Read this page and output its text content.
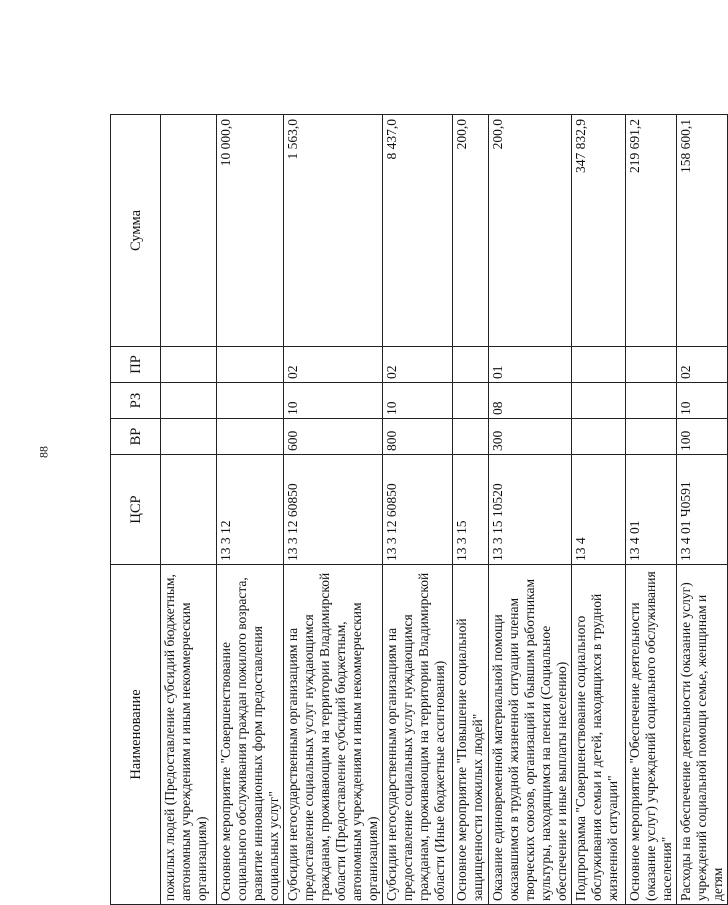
88
Наименование	ЦСР	ВР	РЗ	ПР	Сумма
пожилых людей (Предоставление субсидий бюджетным, автономным учреждениям и иным некоммерческим организациям)					
Основное мероприятие "Совершенствование социального обслуживания граждан пожилого возраста, развитие инновационных форм предоставления социальных услуг"	13 3 12				10 000,0
Субсидии негосударственным организациям на предоставление социальных услуг нуждающимся гражданам, проживающим на территории Владимирской области (Предоставление субсидий бюджетным, автономным учреждениям и иным некоммерческим организациям)	13 3 12 60850	600	10	02	1 563,0
Субсидии негосударственным организациям на предоставление социальных услуг нуждающимся гражданам, проживающим на территории Владимирской области (Иные бюджетные ассигнования)	13 3 12 60850	800	10	02	8 437,0
Основное мероприятие "Повышение социальной защищенности пожилых людей"	13 3 15				200,0
Оказание единовременной материальной помощи оказавшимся в трудной жизненной ситуации членам творческих союзов, организаций и бывшим работникам культуры, находящимся на пенсии (Социальное обеспечение и иные выплаты населению)	13 3 15 10520	300	08	01	200,0
Подпрограмма "Совершенствование социального обслуживания семьи и детей, находящихся в трудной жизненной ситуации"	13 4				347 832,9
Основное мероприятие "Обеспечение деятельности (оказание услуг) учреждений социального обслуживания населения"	13 4 01				219 691,2
Расходы на обеспечение деятельности (оказание услуг) учреждений социальной помощи семье, женщинам и детям	13 4 01 Ч0591	100	10	02	158 600,1
